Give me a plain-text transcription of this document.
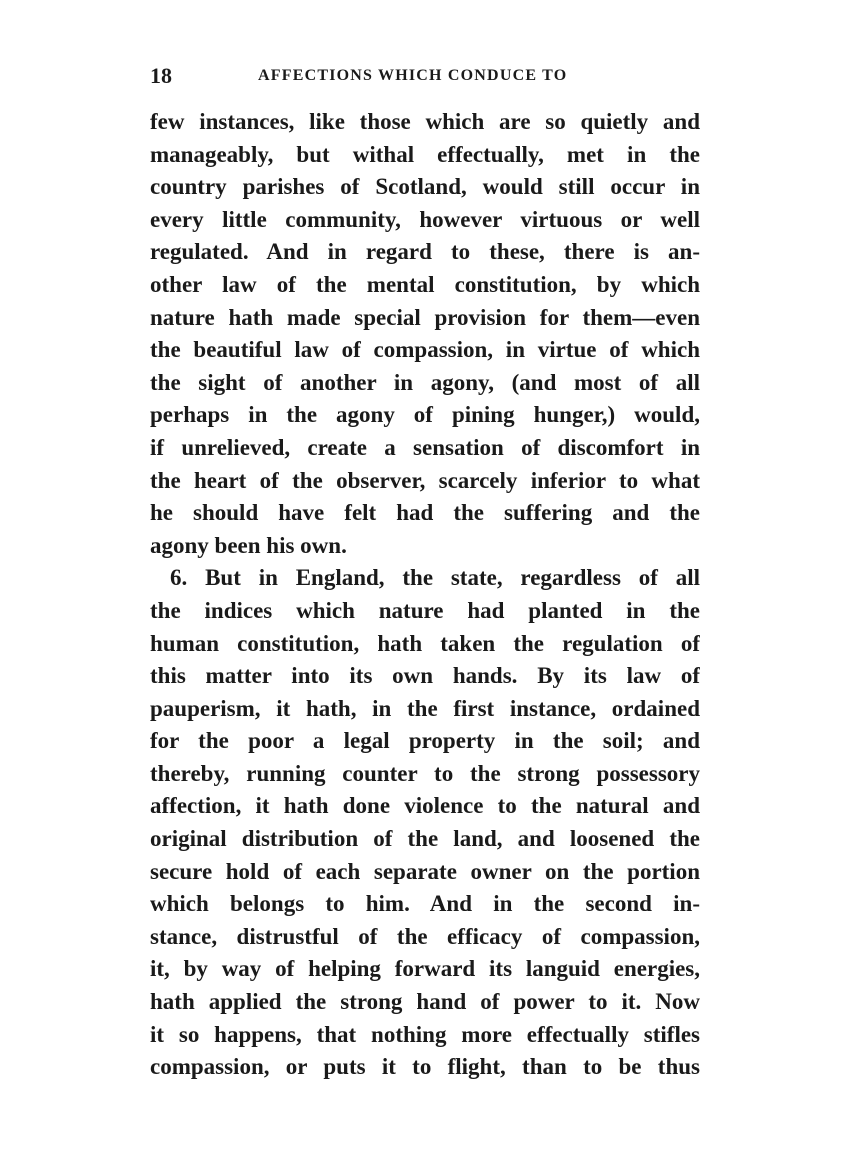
18	AFFECTIONS WHICH CONDUCE TO
few instances, like those which are so quietly and
manageably, but withal effectually, met in the
country parishes of Scotland, would still occur in
every little community, however virtuous or well
regulated. And in regard to these, there is an-
other law of the mental constitution, by which
nature hath made special provision for them—even
the beautiful law of compassion, in virtue of which
the sight of another in agony, (and most of all
perhaps in the agony of pining hunger,) would,
if unrelieved, create a sensation of discomfort in
the heart of the observer, scarcely inferior to what
he should have felt had the suffering and the
agony been his own.
6. But in England, the state, regardless of all
the indices which nature had planted in the
human constitution, hath taken the regulation of
this matter into its own hands. By its law of
pauperism, it hath, in the first instance, ordained
for the poor a legal property in the soil; and
thereby, running counter to the strong possessory
affection, it hath done violence to the natural and
original distribution of the land, and loosened the
secure hold of each separate owner on the portion
which belongs to him. And in the second in-
stance, distrustful of the efficacy of compassion,
it, by way of helping forward its languid energies,
hath applied the strong hand of power to it. Now
it so happens, that nothing more effectually stifles
compassion, or puts it to flight, than to be thus
